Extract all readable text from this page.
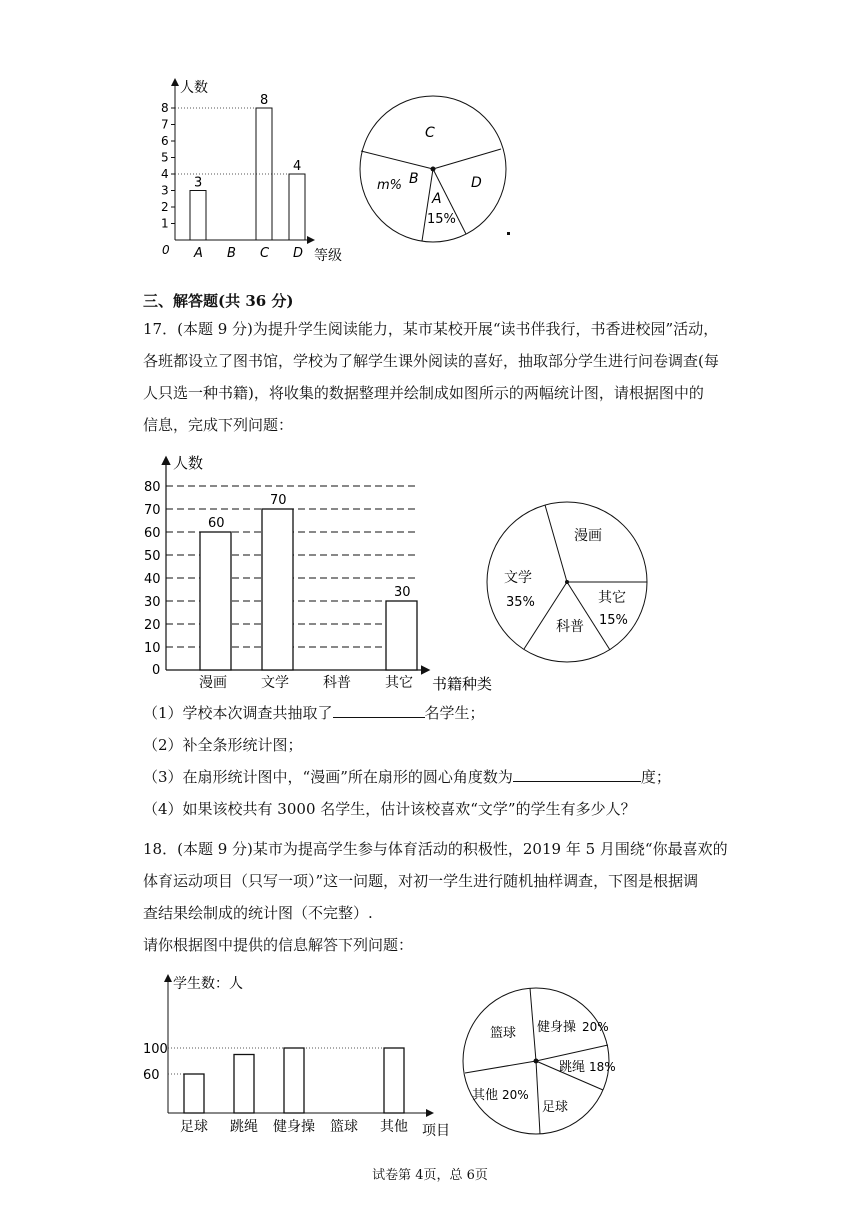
人数
等级
0
1
2
3
4
5
6
7
8
3
8
4
A B C D
C
D
A
15%
B
m%

三、解答题(共 36 分)

17．(本题 9 分)为提升学生阅读能力，某市某校开展“读书伴我行，书香进校园”活动，
各班都设立了图书馆，学校为了解学生课外阅读的喜好，抽取部分学生进行问卷调查(每
人只选一种书籍)，将收集的数据整理并绘制成如图所示的两幅统计图，请根据图中的
信息，完成下列问题：
人数
书籍种类
0
10
20
30
40
50
60
70
80
60
70
30
漫画 文学 科普 其它
漫画
其它
15%
科普
文学
35%
（1）学校本次调查共抽取了	名学生；
（2）补全条形统计图；
（3）在扇形统计图中，“漫画”所在扇形的圆心角度数为	度；
（4）如果该校共有 3000 名学生，估计该校喜欢“文学”的学生有多少人？
18．(本题 9 分)某市为提高学生参与体育活动的积极性，2019 年 5 月围绕“你最喜欢的
体育运动项目（只写一项）”这一问题，对初一学生进行随机抽样调查，下图是根据调
查结果绘制成的统计图（不完整）.
请你根据图中提供的信息解答下列问题：
学生数：人
项目
60
100
足球 跳绳 健身操 篮球 其他
篮球 健身操 20%
跳绳 18%
足球
其他 20%
试卷第 4页，总 6页
